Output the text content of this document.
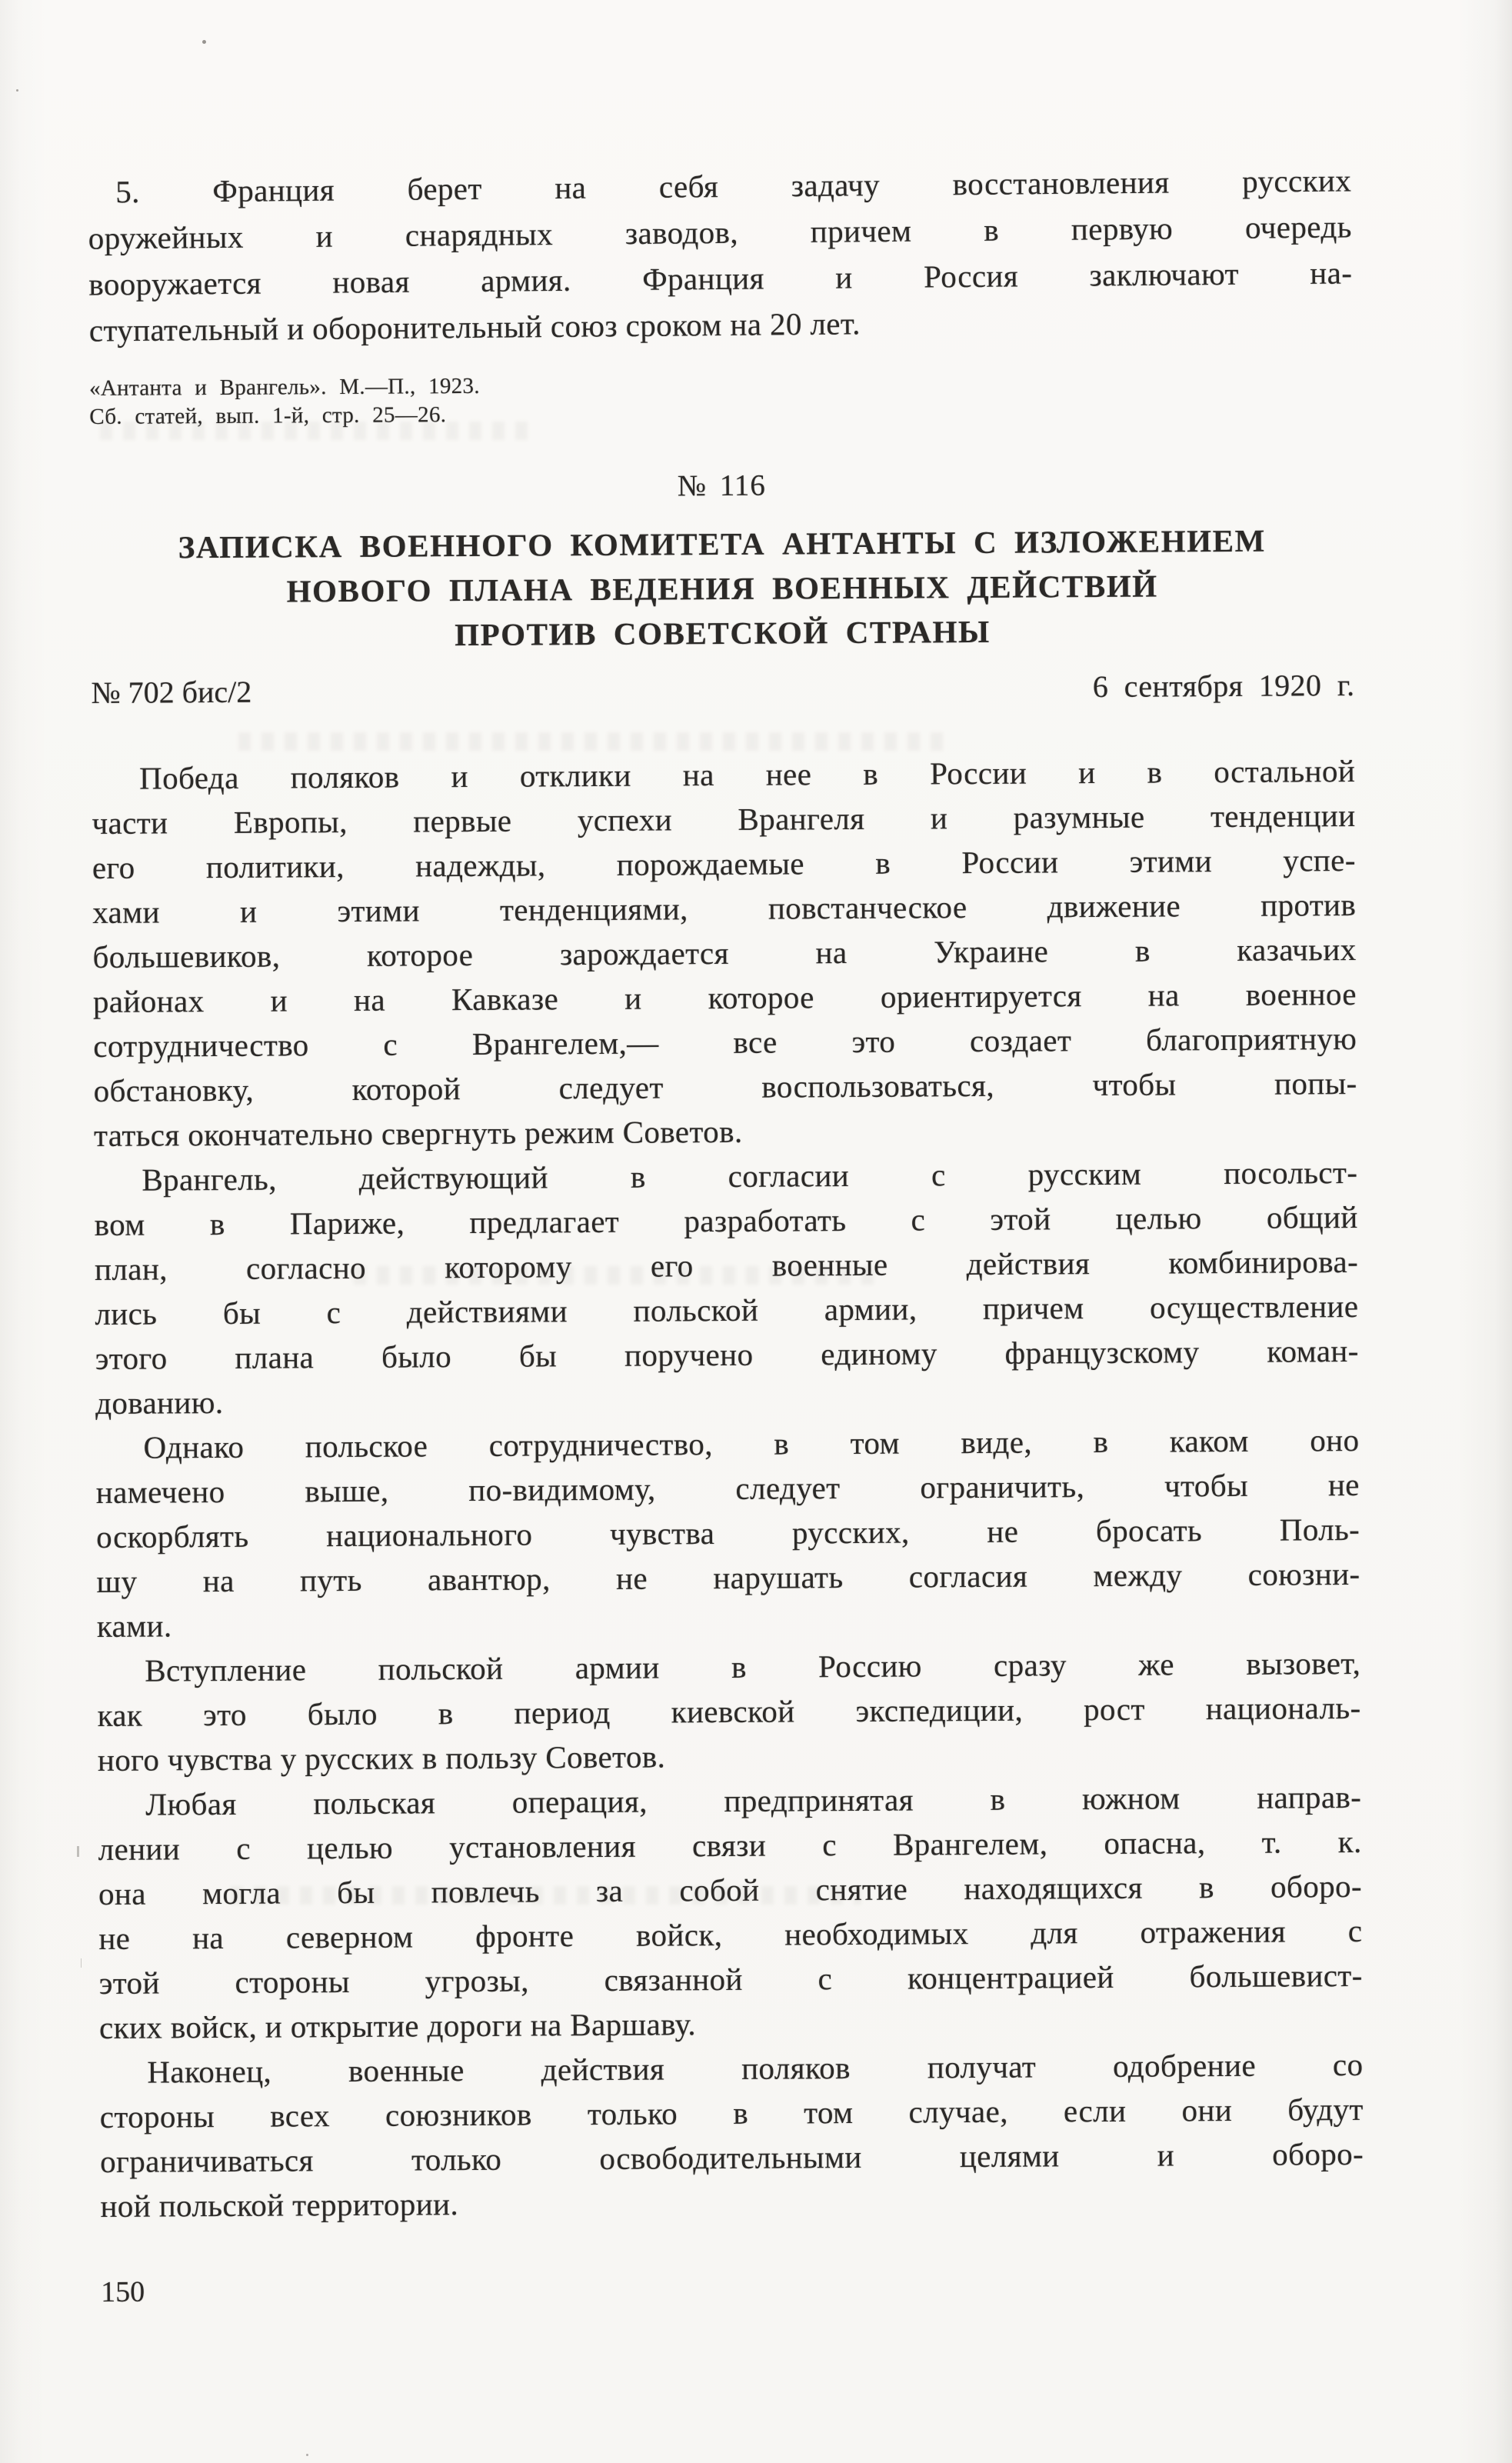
5. Франция берет на себя задачу восстановления русских
оружейных и снарядных заводов, причем в первую очередь
вооружается новая армия. Франция и Россия заключают на-
ступательный и оборонительный союз сроком на 20 лет.
«Антанта и Врангель». М.—П., 1923.
Сб. статей, вып. 1-й, стр. 25—26.
№ 116
ЗАПИСКА ВОЕННОГО КОМИТЕТА АНТАНТЫ С ИЗЛОЖЕНИЕМ
НОВОГО ПЛАНА ВЕДЕНИЯ ВОЕННЫХ ДЕЙСТВИЙ
ПРОТИВ СОВЕТСКОЙ СТРАНЫ
№ 702 бис/2	6 сентября 1920 г.
Победа поляков и отклики на нее в России и в остальной
части Европы, первые успехи Врангеля и разумные тенденции
его политики, надежды, порождаемые в России этими успе-
хами и этими тенденциями, повстанческое движение против
большевиков, которое зарождается на Украине в казачьих
районах и на Кавказе и которое ориентируется на военное
сотрудничество с Врангелем,— все это создает благоприятную
обстановку, которой следует воспользоваться, чтобы попы-
таться окончательно свергнуть режим Советов.
Врангель, действующий в согласии с русским посольст-
вом в Париже, предлагает разработать с этой целью общий
план, согласно которому его военные действия комбинирова-
лись бы с действиями польской армии, причем осуществление
этого плана было бы поручено единому французскому коман-
дованию.
Однако польское сотрудничество, в том виде, в каком оно
намечено выше, по-видимому, следует ограничить, чтобы не
оскорблять национального чувства русских, не бросать Поль-
шу на путь авантюр, не нарушать согласия между союзни-
ками.
Вступление польской армии в Россию сразу же вызовет,
как это было в период киевской экспедиции, рост националь-
ного чувства у русских в пользу Советов.
Любая польская операция, предпринятая в южном направ-
лении с целью установления связи с Врангелем, опасна, т. к.
она могла бы повлечь за собой снятие находящихся в оборо-
не на северном фронте войск, необходимых для отражения с
этой стороны угрозы, связанной с концентрацией большевист-
ских войск, и открытие дороги на Варшаву.
Наконец, военные действия поляков получат одобрение со
стороны всех союзников только в том случае, если они будут
ограничиваться только освободительными целями и оборо-
ной польской территории.
150
